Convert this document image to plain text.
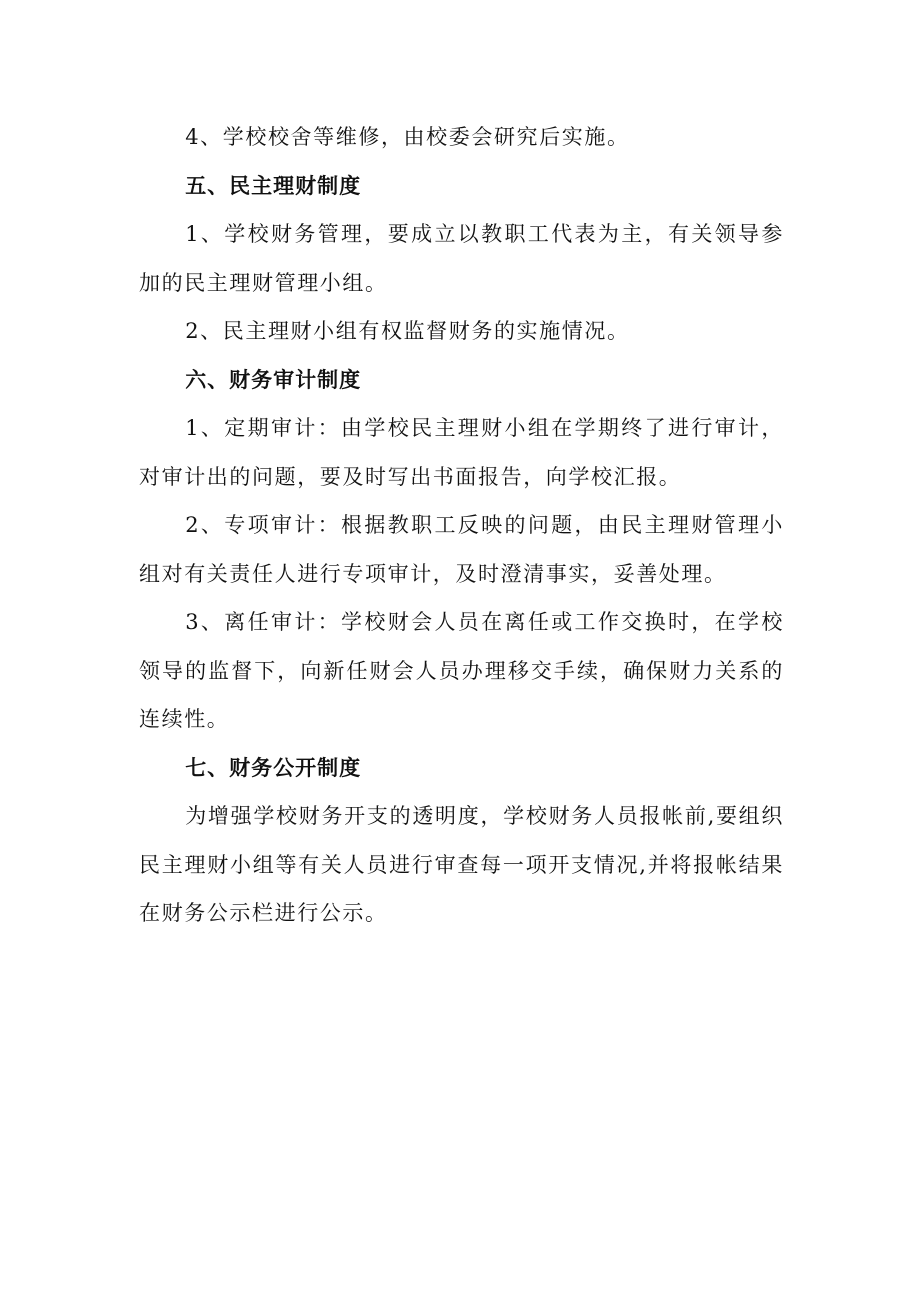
4、学校校舍等维修，由校委会研究后实施。

五、民主理财制度

1、学校财务管理，要成立以教职工代表为主，有关领导参加的民主理财管理小组。

2、民主理财小组有权监督财务的实施情况。

六、财务审计制度

1、定期审计：由学校民主理财小组在学期终了进行审计，对审计出的问题，要及时写出书面报告，向学校汇报。

2、专项审计：根据教职工反映的问题，由民主理财管理小组对有关责任人进行专项审计，及时澄清事实，妥善处理。

3、离任审计：学校财会人员在离任或工作交换时，在学校领导的监督下，向新任财会人员办理移交手续，确保财力关系的连续性。

七、财务公开制度

为增强学校财务开支的透明度，学校财务人员报帐前,要组织民主理财小组等有关人员进行审查每一项开支情况,并将报帐结果在财务公示栏进行公示。
